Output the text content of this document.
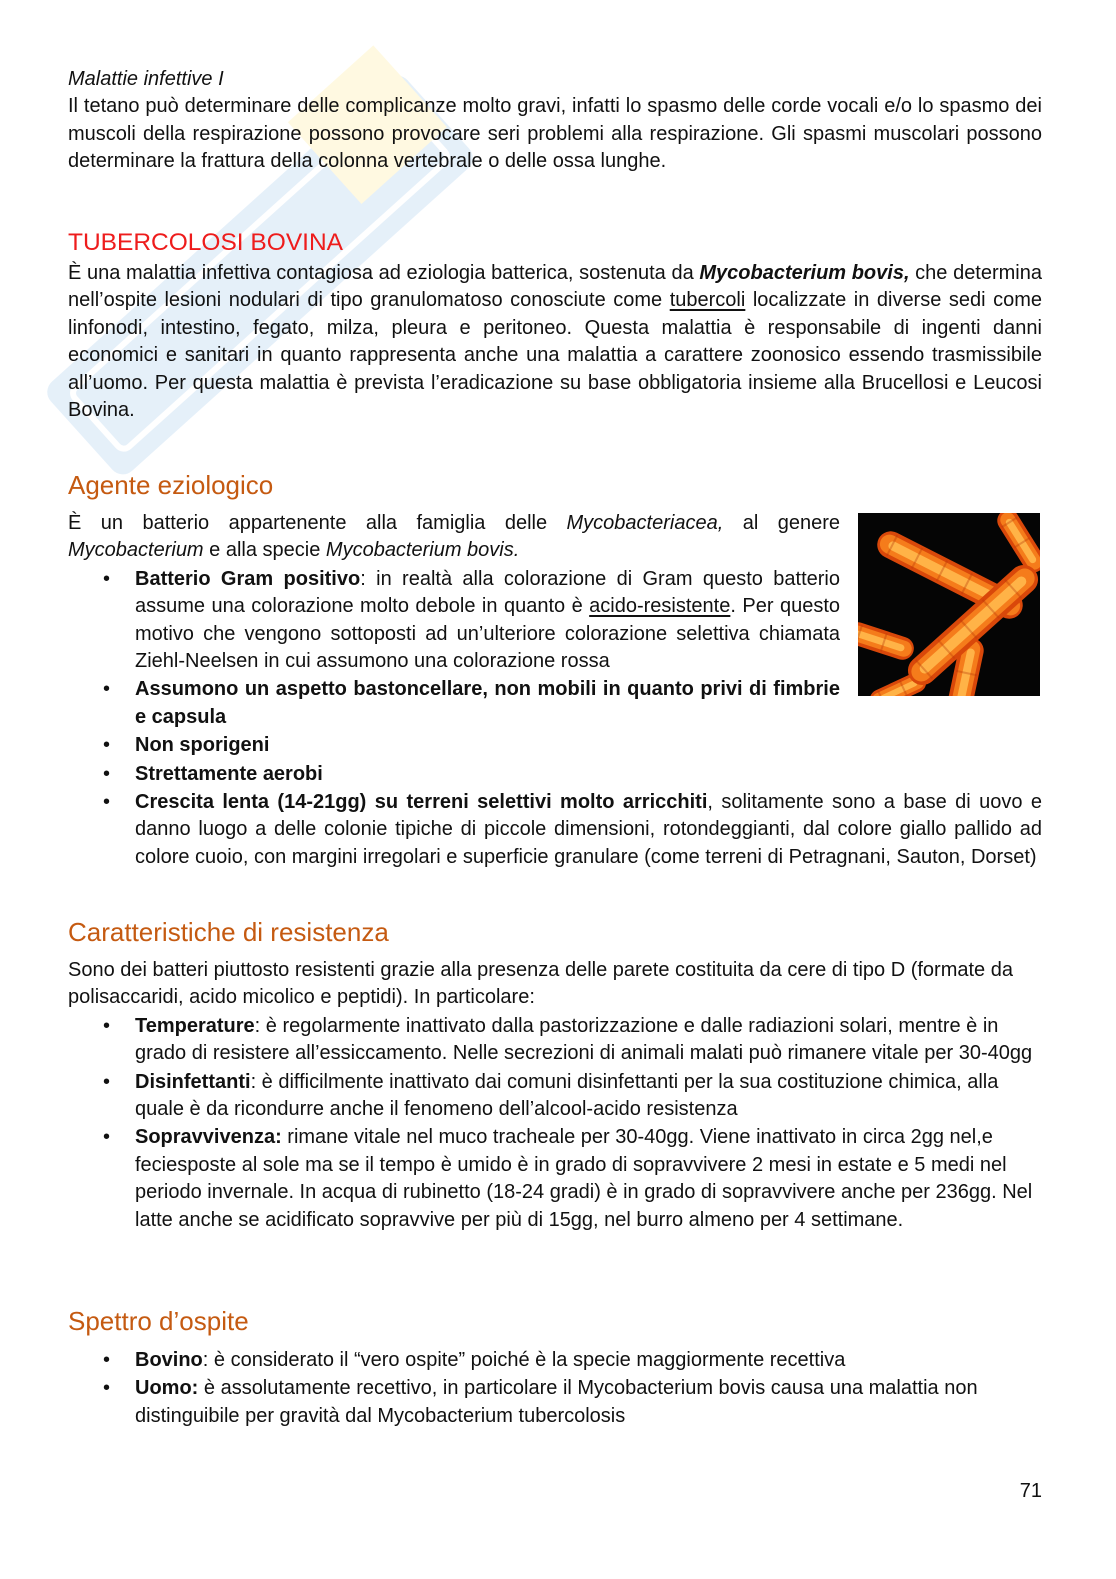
Malattie infettive I

Il tetano può determinare delle complicanze molto gravi, infatti lo spasmo delle corde vocali e/o lo spasmo dei muscoli della respirazione possono provocare seri problemi alla respirazione. Gli spasmi muscolari possono determinare la frattura della colonna vertebrale o delle ossa lunghe.

TUBERCOLOSI BOVINA

È una malattia infettiva contagiosa ad eziologia batterica, sostenuta da Mycobacterium bovis, che determina nell’ospite lesioni nodulari di tipo granulomatoso conosciute come tubercoli localizzate in diverse sedi come linfonodi, intestino, fegato, milza, pleura e peritoneo. Questa malattia è responsabile di ingenti danni economici e sanitari in quanto rappresenta anche una malattia a carattere zoonosico essendo trasmissibile all’uomo. Per questa malattia è prevista l’eradicazione su base obbligatoria insieme alla Brucellosi e Leucosi Bovina.

Agente eziologico

È un batterio appartenente alla famiglia delle Mycobacteriacea, al genere Mycobacterium e alla specie Mycobacterium bovis.

• Batterio Gram positivo: in realtà alla colorazione di Gram questo batterio assume una colorazione molto debole in quanto è acido-resistente. Per questo motivo che vengono sottoposti ad un’ulteriore colorazione selettiva chiamata Ziehl-Neelsen in cui assumono una colorazione rossa
• Assumono un aspetto bastoncellare, non mobili in quanto privi di fimbrie e capsula
• Non sporigeni
• Strettamente aerobi
• Crescita lenta (14-21gg) su terreni selettivi molto arricchiti, solitamente sono a base di uovo e danno luogo a delle colonie tipiche di piccole dimensioni, rotondeggianti, dal colore giallo pallido ad colore cuoio, con margini irregolari e superficie granulare (come terreni di Petragnani, Sauton, Dorset)
Caratteristiche di resistenza

Sono dei batteri piuttosto resistenti grazie alla presenza delle parete costituita da cere di tipo D (formate da polisaccaridi, acido micolico e peptidi). In particolare:

• Temperature: è regolarmente inattivato dalla pastorizzazione e dalle radiazioni solari, mentre è in grado di resistere all’essiccamento. Nelle secrezioni di animali malati può rimanere vitale per 30-40gg
• Disinfettanti: è difficilmente inattivato dai comuni disinfettanti per la sua costituzione chimica, alla quale è da ricondurre anche il fenomeno dell’alcool-acido resistenza
• Sopravvivenza: rimane vitale nel muco tracheale per 30-40gg. Viene inattivato in circa 2gg nel,e feciesposte al sole ma se il tempo è umido è in grado di sopravvivere 2 mesi in estate e 5 medi nel periodo invernale. In acqua di rubinetto (18-24 gradi) è in grado di sopravvivere anche per 236gg. Nel latte anche se acidificato sopravvive per più di 15gg, nel burro almeno per 4 settimane.
Spettro d’ospite
• Bovino: è considerato il “vero ospite” poiché è la specie maggiormente recettiva
• Uomo: è assolutamente recettivo, in particolare il Mycobacterium bovis causa una malattia non distinguibile per gravità dal Mycobacterium tubercolosis
71
